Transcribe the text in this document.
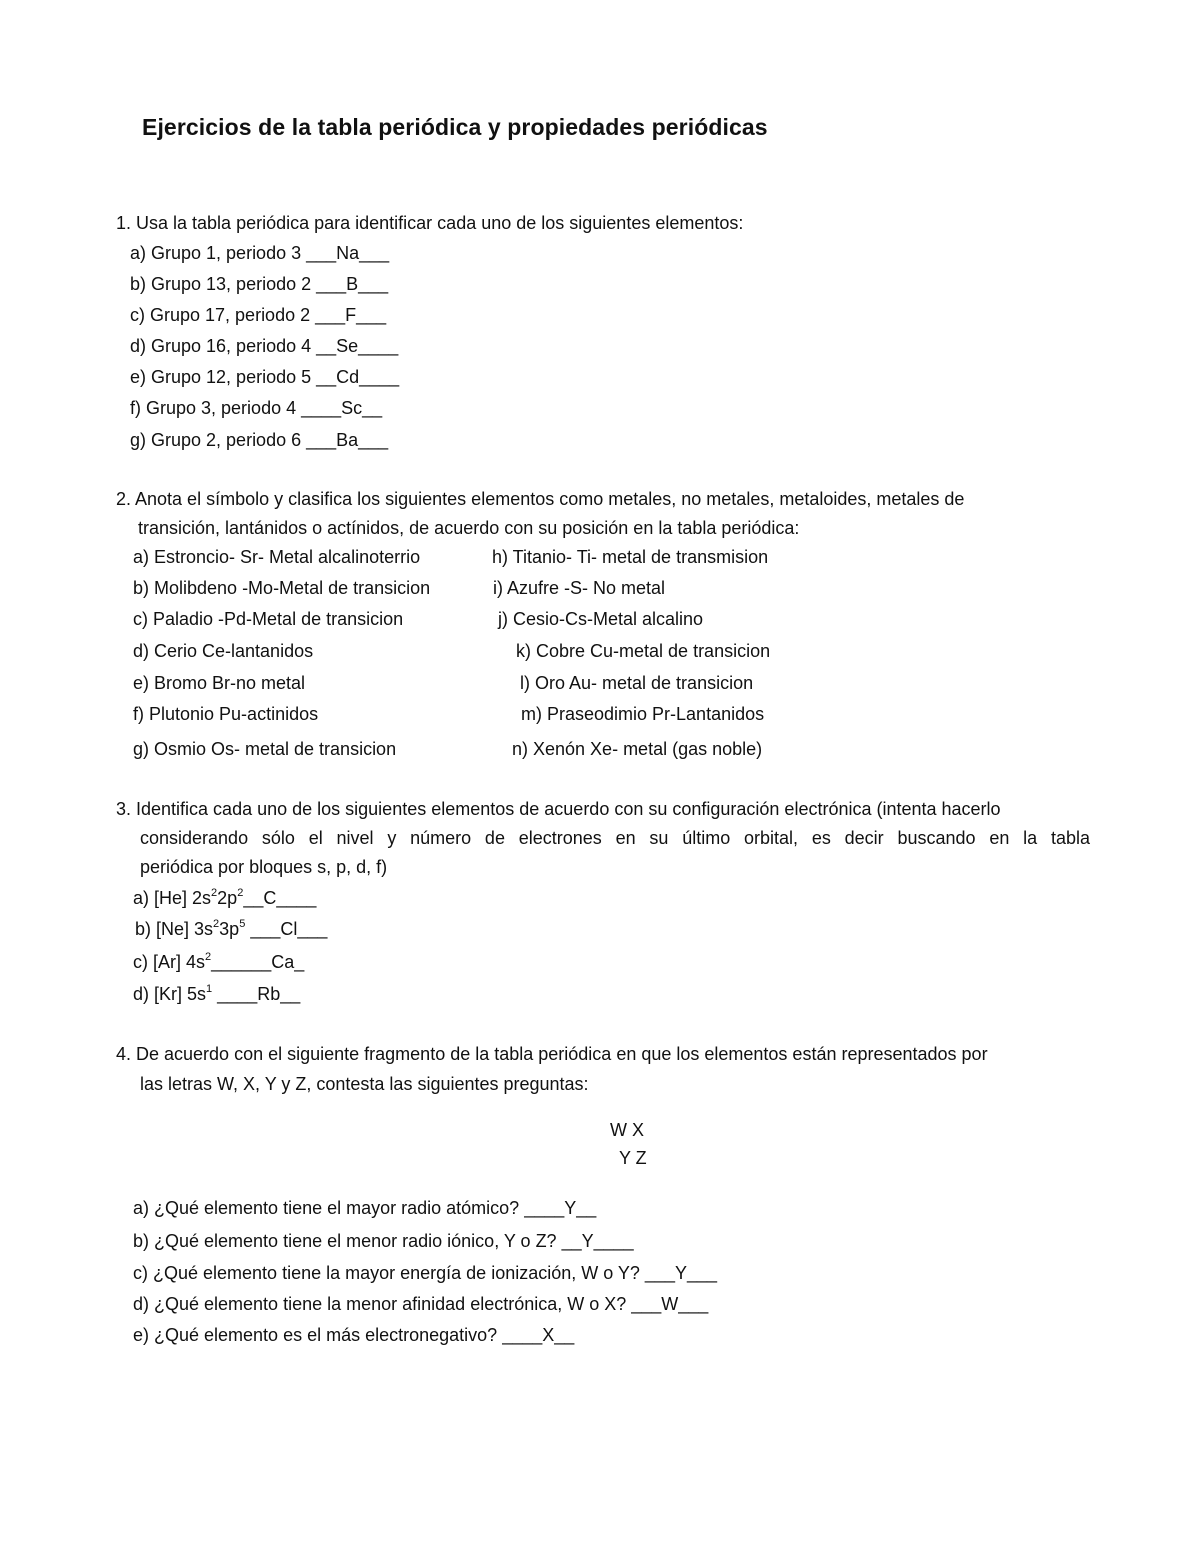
Ejercicios de la tabla periódica y propiedades periódicas
1. Usa la tabla periódica para identificar cada uno de los siguientes elementos:
a) Grupo 1, periodo 3 ___Na___
b) Grupo 13, periodo 2 ___B___
c) Grupo 17, periodo 2 ___F___
d) Grupo 16, periodo 4 __Se____
e) Grupo 12, periodo 5 __Cd____
f) Grupo 3, periodo 4 ____Sc__
g) Grupo 2, periodo 6 ___Ba___
2. Anota el símbolo y clasifica los siguientes elementos como metales, no metales, metaloides, metales de
transición, lantánidos o actínidos, de acuerdo con su posición en la tabla periódica:
a) Estroncio- Sr- Metal alcalinoterrio
b) Molibdeno -Mo-Metal de transicion
c) Paladio -Pd-Metal de transicion
d) Cerio Ce-lantanidos
e) Bromo Br-no metal
f) Plutonio Pu-actinidos
g) Osmio Os- metal de transicion
h) Titanio- Ti- metal de transmision
i) Azufre -S- No metal
j) Cesio-Cs-Metal alcalino
k) Cobre Cu-metal de transicion
l) Oro Au- metal de transicion
m) Praseodimio Pr-Lantanidos
n) Xenón Xe- metal (gas noble)
3. Identifica cada uno de los siguientes elementos de acuerdo con su configuración electrónica (intenta hacerlo
considerando sólo el nivel y número de electrones en su último orbital, es decir buscando en la tabla
periódica por bloques s, p, d, f)
a) [He] $2s^22p^2\_\_C\_\_\_\_$
b) [Ne] $3s^23p^5$ ___Cl___
c) [Ar] $4s^2\_\_\_\_\_\_Ca\_$
d) [Kr] $5s^1$ ____Rb__
4. De acuerdo con el siguiente fragmento de la tabla periódica en que los elementos están representados por
las letras W, X, Y y Z, contesta las siguientes preguntas:
W X
Y Z
a) ¿Qué elemento tiene el mayor radio atómico? ____Y__
b) ¿Qué elemento tiene el menor radio iónico, Y o Z? __Y____
c) ¿Qué elemento tiene la mayor energía de ionización, W o Y? ___Y___
d) ¿Qué elemento tiene la menor afinidad electrónica, W o X? ___W___
e) ¿Qué elemento es el más electronegativo? ____X__
